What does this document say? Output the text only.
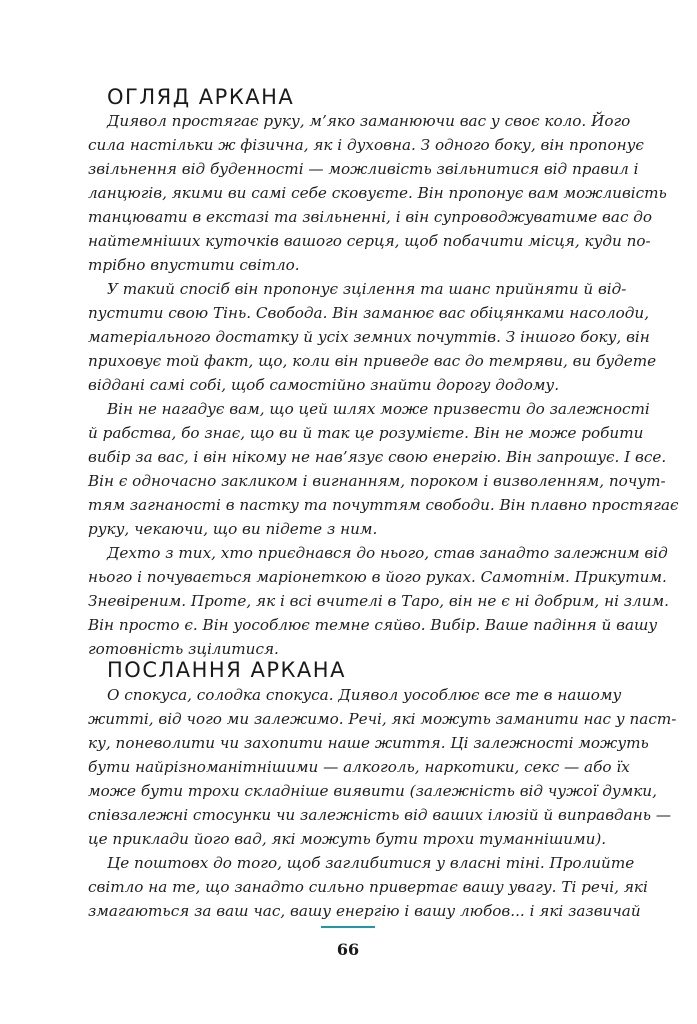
ОГЛЯД АРКАНА

Диявол простягає руку, м’яко заманюючи вас у своє коло. Його

сила настільки ж фізична, як і духовна. З одного боку, він пропонує

звільнення від буденності — можливість звільнитися від правил і

ланцюгів, якими ви самі себе сковуєте. Він пропонує вам можливість

танцювати в екстазі та звільненні, і він супроводжуватиме вас до

найтемніших куточків вашого серця, щоб побачити місця, куди по-

трібно впустити світло.

У такий спосіб він пропонує зцілення та шанс прийняти й від-

пустити свою Тінь. Свобода. Він заманює вас обіцянками насолоди,

матеріального достатку й усіх земних почуттів. З іншого боку, він

приховує той факт, що, коли він приведе вас до темряви, ви будете

віддані самі собі, щоб самостійно знайти дорогу додому.

Він не нагадує вам, що цей шлях може призвести до залежності

й рабства, бо знає, що ви й так це розумієте. Він не може робити

вибір за вас, і він нікому не нав’язує свою енергію. Він запрошує. І все.

Він є одночасно закликом і вигнанням, пороком і визволенням, почут-

тям загнаності в пастку та почуттям свободи. Він плавно простягає

руку, чекаючи, що ви підете з ним.

Дехто з тих, хто приєднався до нього, став занадто залежним від

нього і почувається маріонеткою в його руках. Самотнім. Прикутим.

Зневіреним. Проте, як і всі вчителі в Таро, він не є ні добрим, ні злим.

Він просто є. Він уособлює темне сяйво. Вибір. Ваше падіння й вашу

готовність зцілитися.

ПОСЛАННЯ АРКАНА

О спокуса, солодка спокуса. Диявол уособлює все те в нашому

житті, від чого ми залежимо. Речі, які можуть заманити нас у паст-

ку, поневолити чи захопити наше життя. Ці залежності можуть

бути найрізноманітнішими — алкоголь, наркотики, секс — або їх

може бути трохи складніше виявити (залежність від чужої думки,

співзалежні стосунки чи залежність від ваших ілюзій й виправдань —

це приклади його вад, які можуть бути трохи туманнішими).

Це поштовх до того, щоб заглибитися у власні тіні. Пролийте

світло на те, що занадто сильно привертає вашу увагу. Ті речі, які

змагаються за ваш час, вашу енергію і вашу любов... і які зазвичай

66
